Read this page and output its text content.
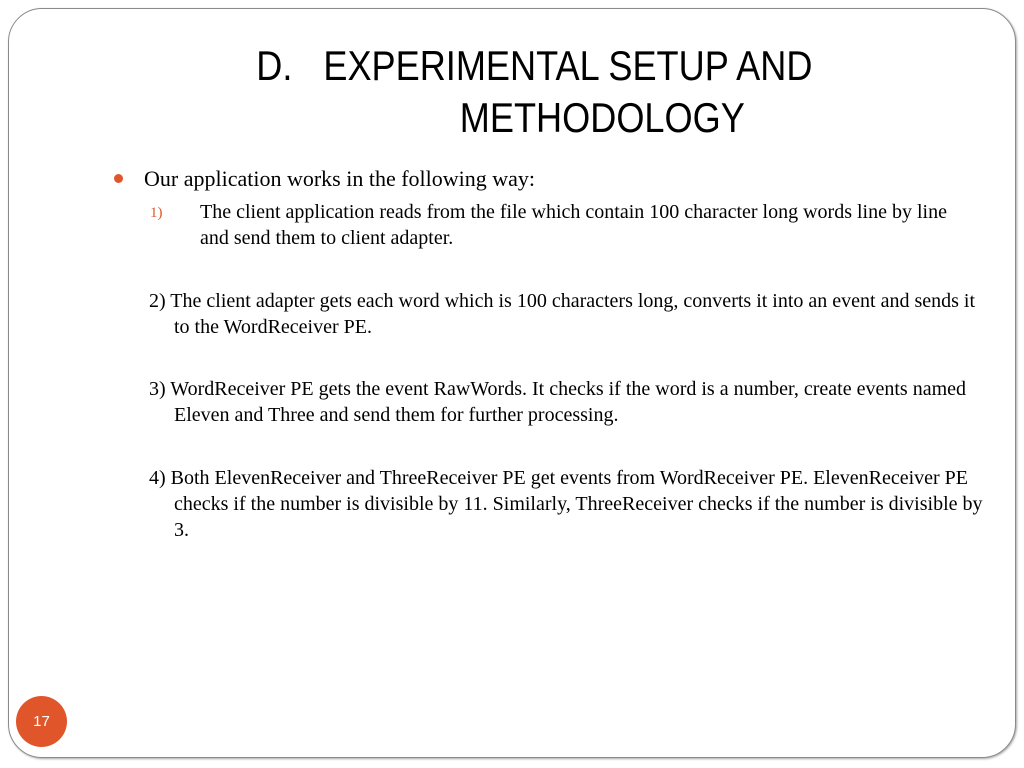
D. EXPERIMENTAL SETUP AND
METHODOLOGY
Our application works in the following way:
1) The client application reads from the file which contain 100 character long words line by line and send them to client adapter.
2) The client adapter gets each word which is 100 characters long, converts it into an event and sends it to the WordReceiver PE.
3) WordReceiver PE gets the event RawWords. It checks if the word is a number, create events named Eleven and Three and send them for further processing.
4) Both ElevenReceiver and ThreeReceiver PE get events from WordReceiver PE. ElevenReceiver PE checks if the number is divisible by 11. Similarly, ThreeReceiver checks if the number is divisible by 3.
17
